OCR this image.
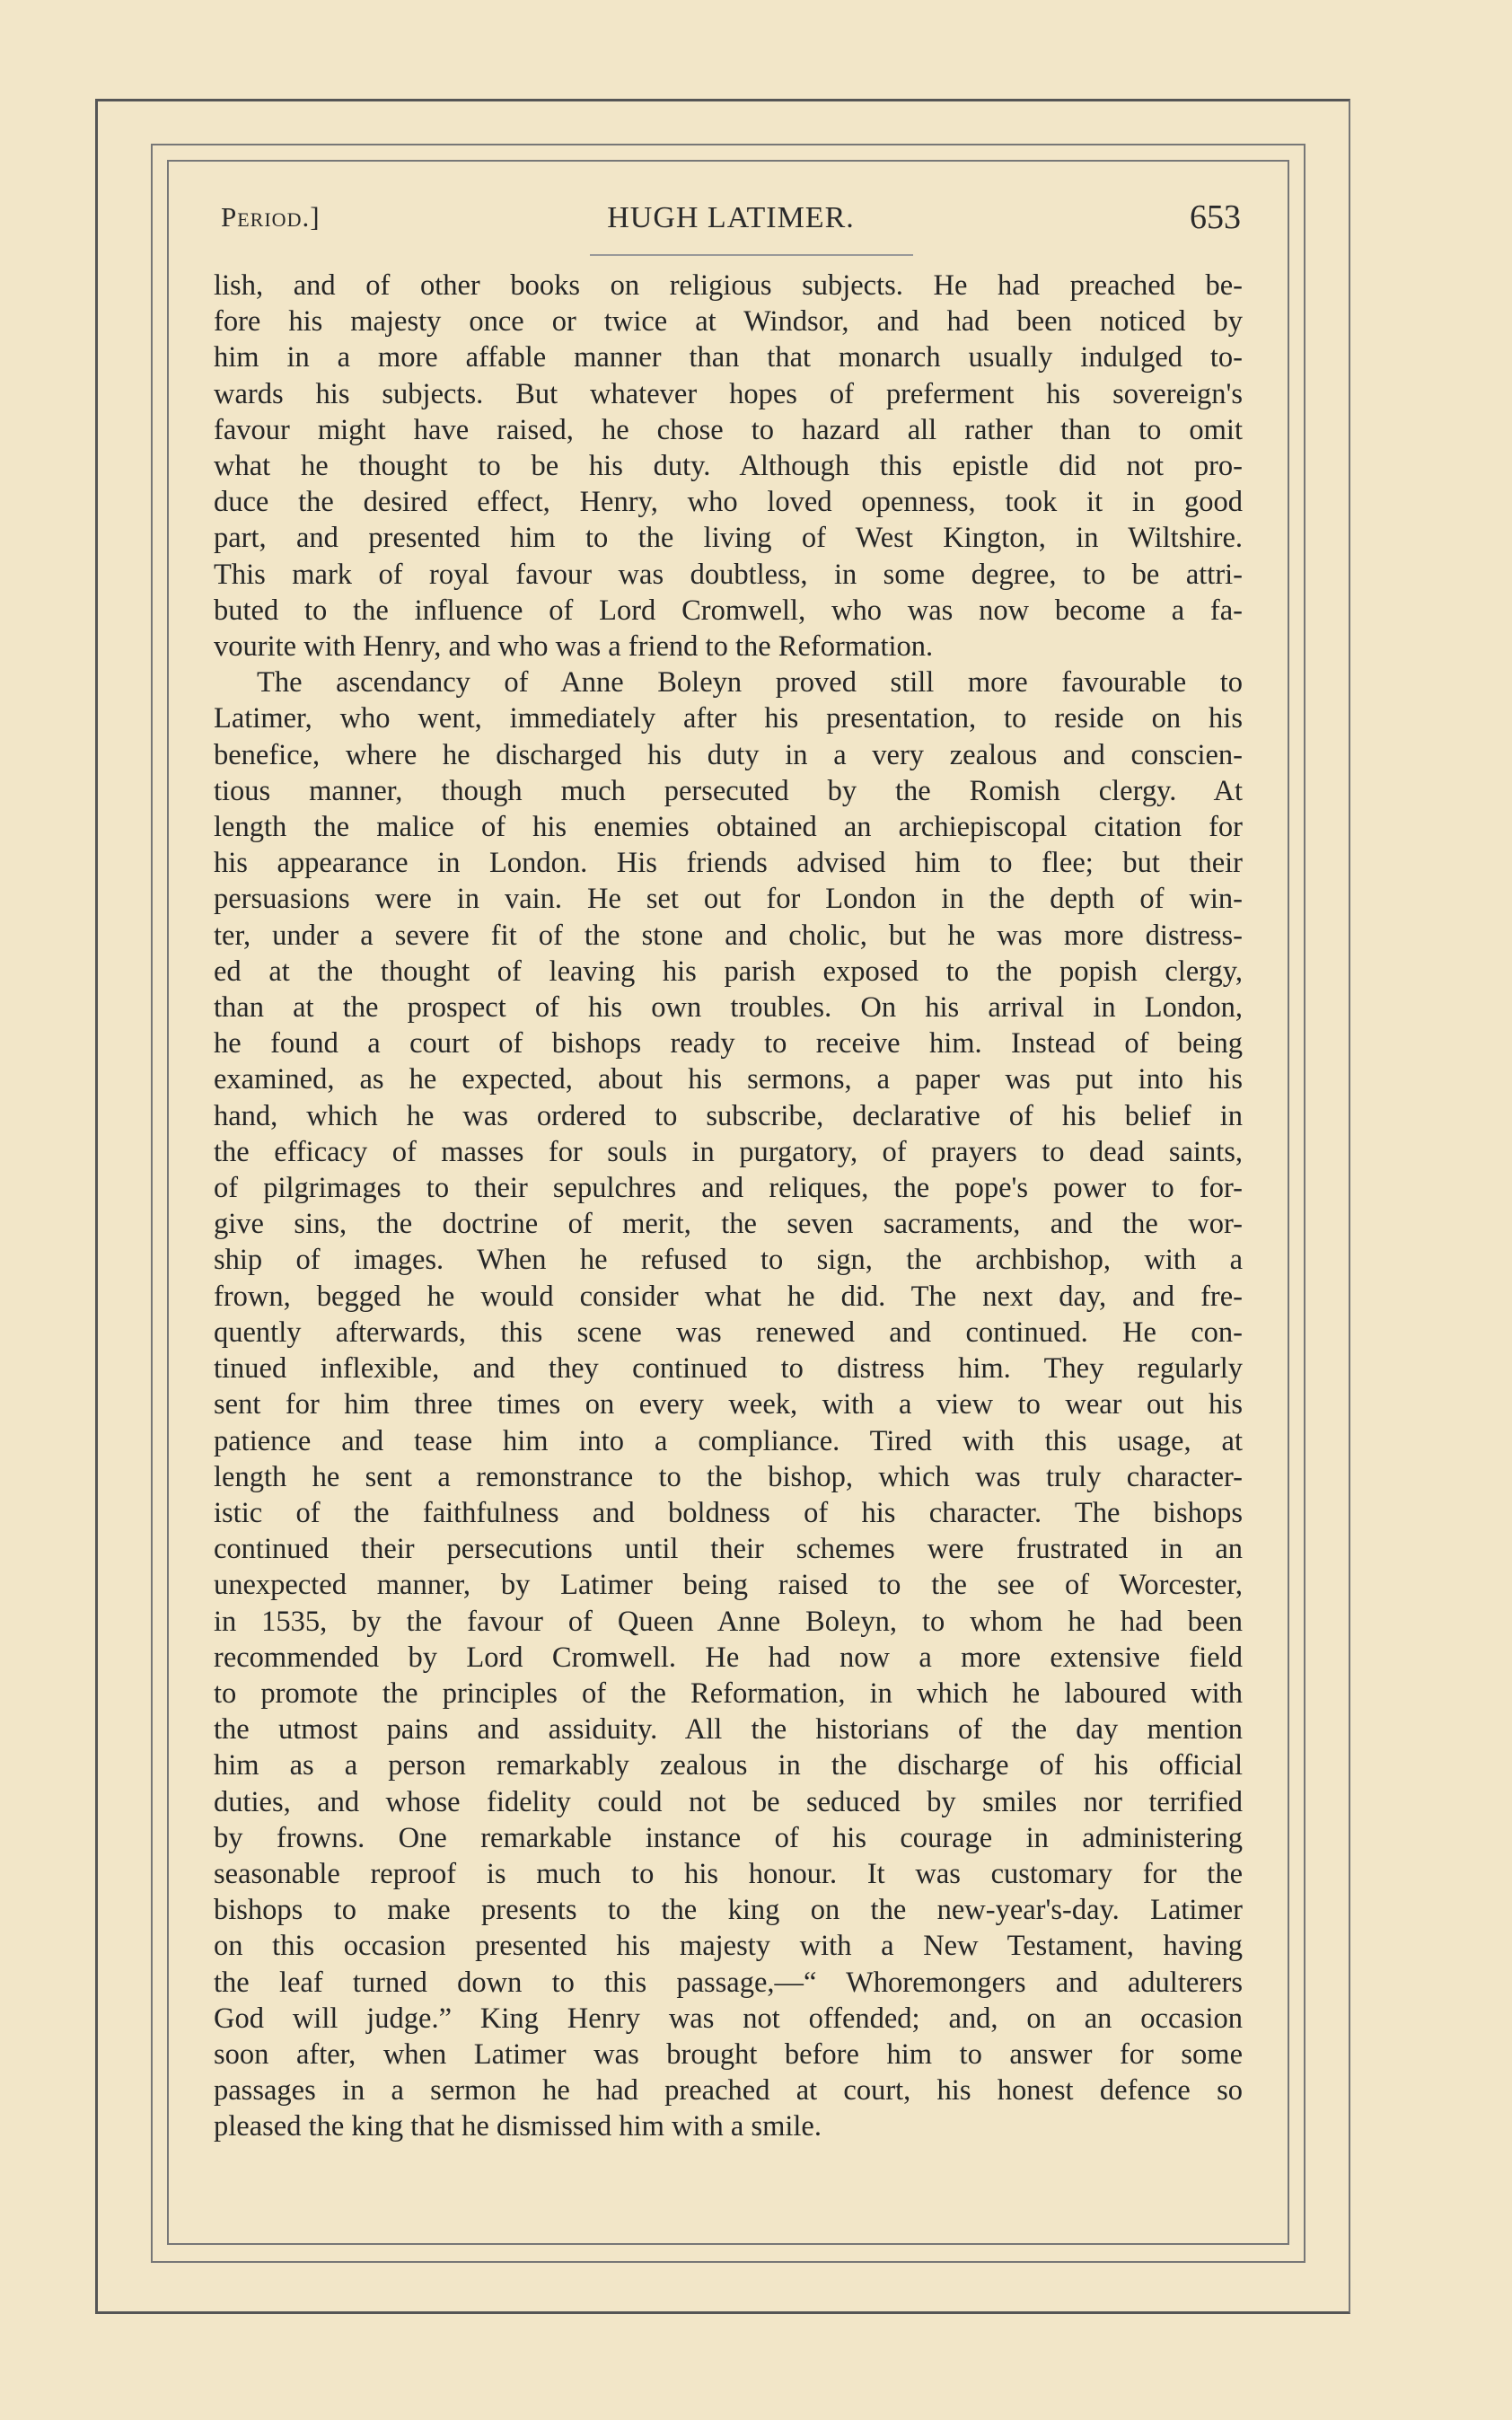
Period.]	HUGH LATIMER.	653

lish, and of other books on religious subjects. He had preached be-
fore his majesty once or twice at Windsor, and had been noticed by
him in a more affable manner than that monarch usually indulged to-
wards his subjects. But whatever hopes of preferment his sovereign's
favour might have raised, he chose to hazard all rather than to omit
what he thought to be his duty. Although this epistle did not pro-
duce the desired effect, Henry, who loved openness, took it in good
part, and presented him to the living of West Kington, in Wiltshire.
This mark of royal favour was doubtless, in some degree, to be attri-
buted to the influence of Lord Cromwell, who was now become a fa-
vourite with Henry, and who was a friend to the Reformation.

The ascendancy of Anne Boleyn proved still more favourable to
Latimer, who went, immediately after his presentation, to reside on his
benefice, where he discharged his duty in a very zealous and conscien-
tious manner, though much persecuted by the Romish clergy. At
length the malice of his enemies obtained an archiepiscopal citation for
his appearance in London. His friends advised him to flee; but their
persuasions were in vain. He set out for London in the depth of win-
ter, under a severe fit of the stone and cholic, but he was more distress-
ed at the thought of leaving his parish exposed to the popish clergy,
than at the prospect of his own troubles. On his arrival in London,
he found a court of bishops ready to receive him. Instead of being
examined, as he expected, about his sermons, a paper was put into his
hand, which he was ordered to subscribe, declarative of his belief in
the efficacy of masses for souls in purgatory, of prayers to dead saints,
of pilgrimages to their sepulchres and reliques, the pope's power to for-
give sins, the doctrine of merit, the seven sacraments, and the wor-
ship of images. When he refused to sign, the archbishop, with a
frown, begged he would consider what he did. The next day, and fre-
quently afterwards, this scene was renewed and continued. He con-
tinued inflexible, and they continued to distress him. They regularly
sent for him three times on every week, with a view to wear out his
patience and tease him into a compliance. Tired with this usage, at
length he sent a remonstrance to the bishop, which was truly character-
istic of the faithfulness and boldness of his character. The bishops
continued their persecutions until their schemes were frustrated in an
unexpected manner, by Latimer being raised to the see of Worcester,
in 1535, by the favour of Queen Anne Boleyn, to whom he had been
recommended by Lord Cromwell. He had now a more extensive field
to promote the principles of the Reformation, in which he laboured with
the utmost pains and assiduity. All the historians of the day mention
him as a person remarkably zealous in the discharge of his official
duties, and whose fidelity could not be seduced by smiles nor terrified
by frowns. One remarkable instance of his courage in administering
seasonable reproof is much to his honour. It was customary for the
bishops to make presents to the king on the new-year's-day. Latimer
on this occasion presented his majesty with a New Testament, having
the leaf turned down to this passage,—“ Whoremongers and adulterers
God will judge.” King Henry was not offended; and, on an occasion
soon after, when Latimer was brought before him to answer for some
passages in a sermon he had preached at court, his honest defence so
pleased the king that he dismissed him with a smile.
